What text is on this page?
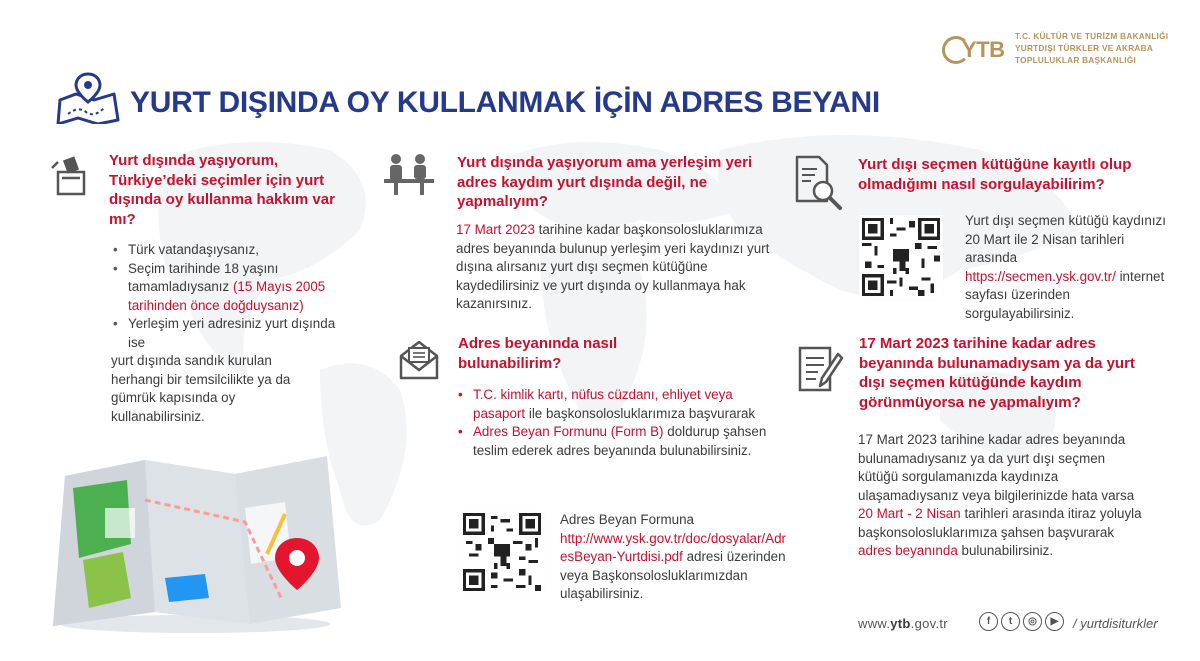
YTB
T.C. KÜLTÜR VE TURİZM BAKANLIĞI
YURTDIŞI TÜRKLER VE AKRABA
TOPLULUKLAR BAŞKANLIĞI
YURT DIŞINDA OY KULLANMAK İÇİN ADRES BEYANI
Yurt dışında yaşıyorum, Türkiye’deki seçimler için yurt dışında oy kullanma hakkım var mı?
• Türk vatandaşıysanız,
• Seçim tarihinde 18 yaşını tamamladıysanız (15 Mayıs 2005 tarihinden önce doğduysanız)
• Yerleşim yeri adresiniz yurt dışında ise
yurt dışında sandık kurulan herhangi bir temsilcilikte ya da gümrük kapısında oy kullanabilirsiniz.
Yurt dışında yaşıyorum ama yerleşim yeri adres kaydım yurt dışında değil, ne yapmalıyım?
17 Mart 2023 tarihine kadar başkonsolosluklarımıza adres beyanında bulunup yerleşim yeri kaydınızı yurt dışına alırsanız yurt dışı seçmen kütüğüne kaydedilirsiniz ve yurt dışında oy kullanmaya hak kazanırsınız.
Adres beyanında nasıl bulunabilirim?
• T.C. kimlik kartı, nüfus cüzdanı, ehliyet veya pasaport ile başkonsolosluklarımıza başvurarak
• Adres Beyan Formunu (Form B) doldurup şahsen teslim ederek adres beyanında bulunabilirsiniz.
Adres Beyan Formuna
http://www.ysk.gov.tr/doc/dosyalar/AdresBeyan-Yurtdisi.pdf adresi üzerinden veya Başkonsolosluklarımızdan ulaşabilirsiniz.
Yurt dışı seçmen kütüğüne kayıtlı olup olmadığımı nasıl sorgulayabilirim?
Yurt dışı seçmen kütüğü kaydınızı 20 Mart ile 2 Nisan tarihleri arasında https://secmen.ysk.gov.tr/ internet sayfası üzerinden sorgulayabilirsiniz.
17 Mart 2023 tarihine kadar adres beyanında bulunamadıysam ya da yurt dışı seçmen kütüğünde kaydım görünmüyorsa ne yapmalıyım?
17 Mart 2023 tarihine kadar adres beyanında bulunamadıysanız ya da yurt dışı seçmen kütüğü sorgulamanızda kaydınıza ulaşamadıysanız veya bilgilerinizde hata varsa 20 Mart - 2 Nisan tarihleri arasında itiraz yoluyla başkonsolosluklarımıza şahsen başvurarak adres beyanında bulunabilirsiniz.
www.ytb.gov.tr	f	t	◎	▶	/ yurtdisiturkler
